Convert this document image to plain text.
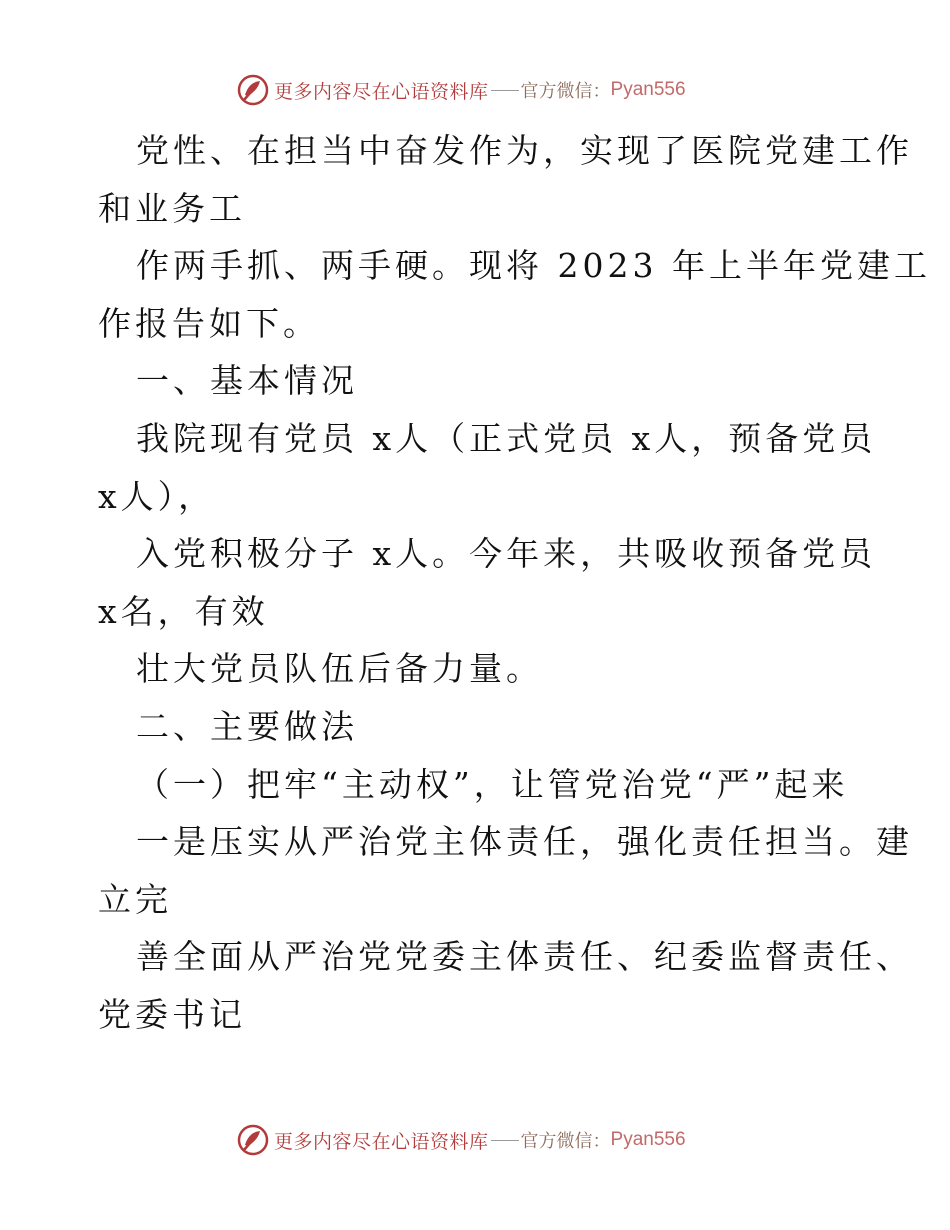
更多内容尽在心语资料库 官方微信： Pyan556
党性、在担当中奋发作为，实现了医院党建工作
和业务工
作两手抓、两手硬。现将 2023 年上半年党建工
作报告如下。
一、基本情况
我院现有党员 x人（正式党员 x人，预备党员
x人），
入党积极分子 x人。今年来，共吸收预备党员
x名，有效
壮大党员队伍后备力量。
二、主要做法
（一）把牢“主动权”，让管党治党“严”起来
一是压实从严治党主体责任，强化责任担当。建
立完
善全面从严治党党委主体责任、纪委监督责任、
党委书记
更多内容尽在心语资料库 官方微信： Pyan556
